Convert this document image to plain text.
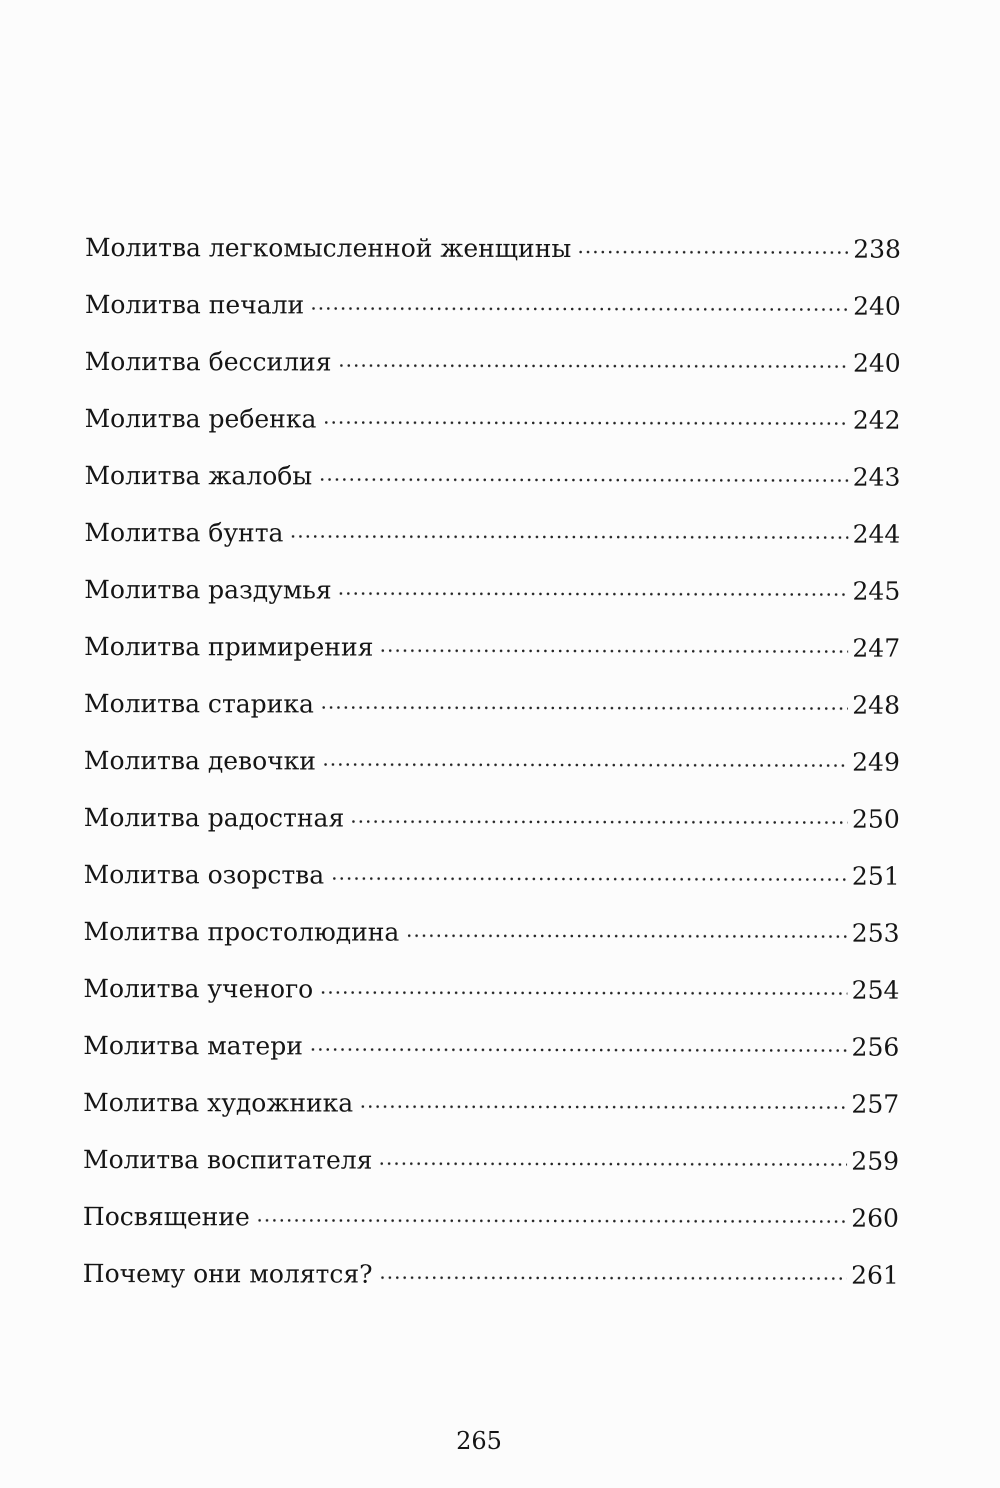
Молитва легкомысленной женщины	238
Молитва печали	240
Молитва бессилия	240
Молитва ребенка	242
Молитва жалобы	243
Молитва бунта	244
Молитва раздумья	245
Молитва примирения	247
Молитва старика	248
Молитва девочки	249
Молитва радостная	250
Молитва озорства	251
Молитва простолюдина	253
Молитва ученого	254
Молитва матери	256
Молитва художника	257
Молитва воспитателя	259
Посвящение	260
Почему они молятся?	261
265
